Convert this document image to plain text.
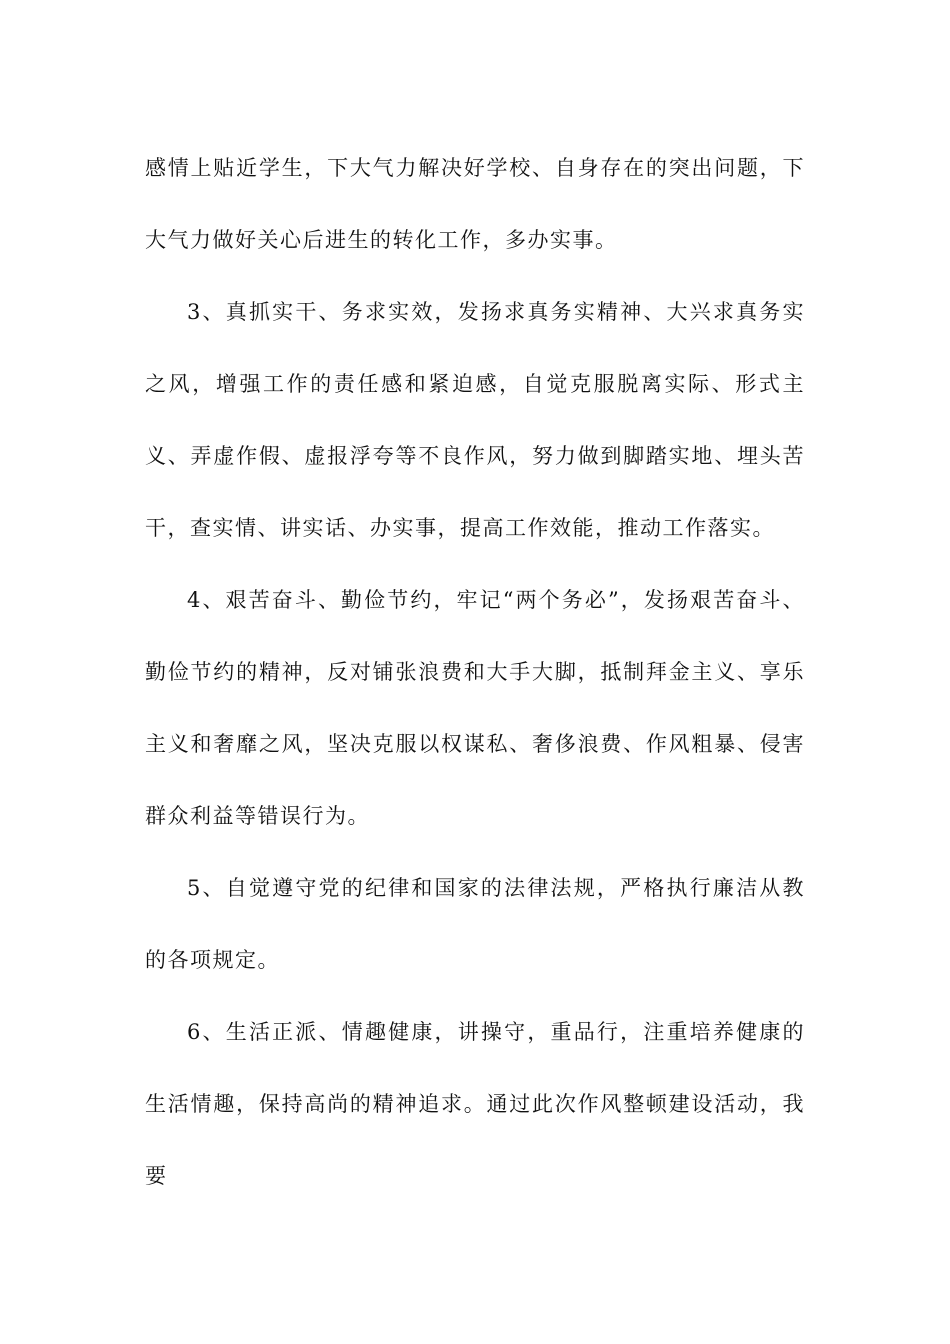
感情上贴近学生，下大气力解决好学校、自身存在的突出问题，下大气力做好关心后进生的转化工作，多办实事。

3、真抓实干、务求实效，发扬求真务实精神、大兴求真务实之风，增强工作的责任感和紧迫感，自觉克服脱离实际、形式主义、弄虚作假、虚报浮夸等不良作风，努力做到脚踏实地、埋头苦干，查实情、讲实话、办实事，提高工作效能，推动工作落实。

4、艰苦奋斗、勤俭节约，牢记“两个务必”，发扬艰苦奋斗、勤俭节约的精神，反对铺张浪费和大手大脚，抵制拜金主义、享乐主义和奢靡之风，坚决克服以权谋私、奢侈浪费、作风粗暴、侵害群众利益等错误行为。

5、自觉遵守党的纪律和国家的法律法规，严格执行廉洁从教的各项规定。

6、生活正派、情趣健康，讲操守，重品行，注重培养健康的生活情趣，保持高尚的精神追求。通过此次作风整顿建设活动，我要
